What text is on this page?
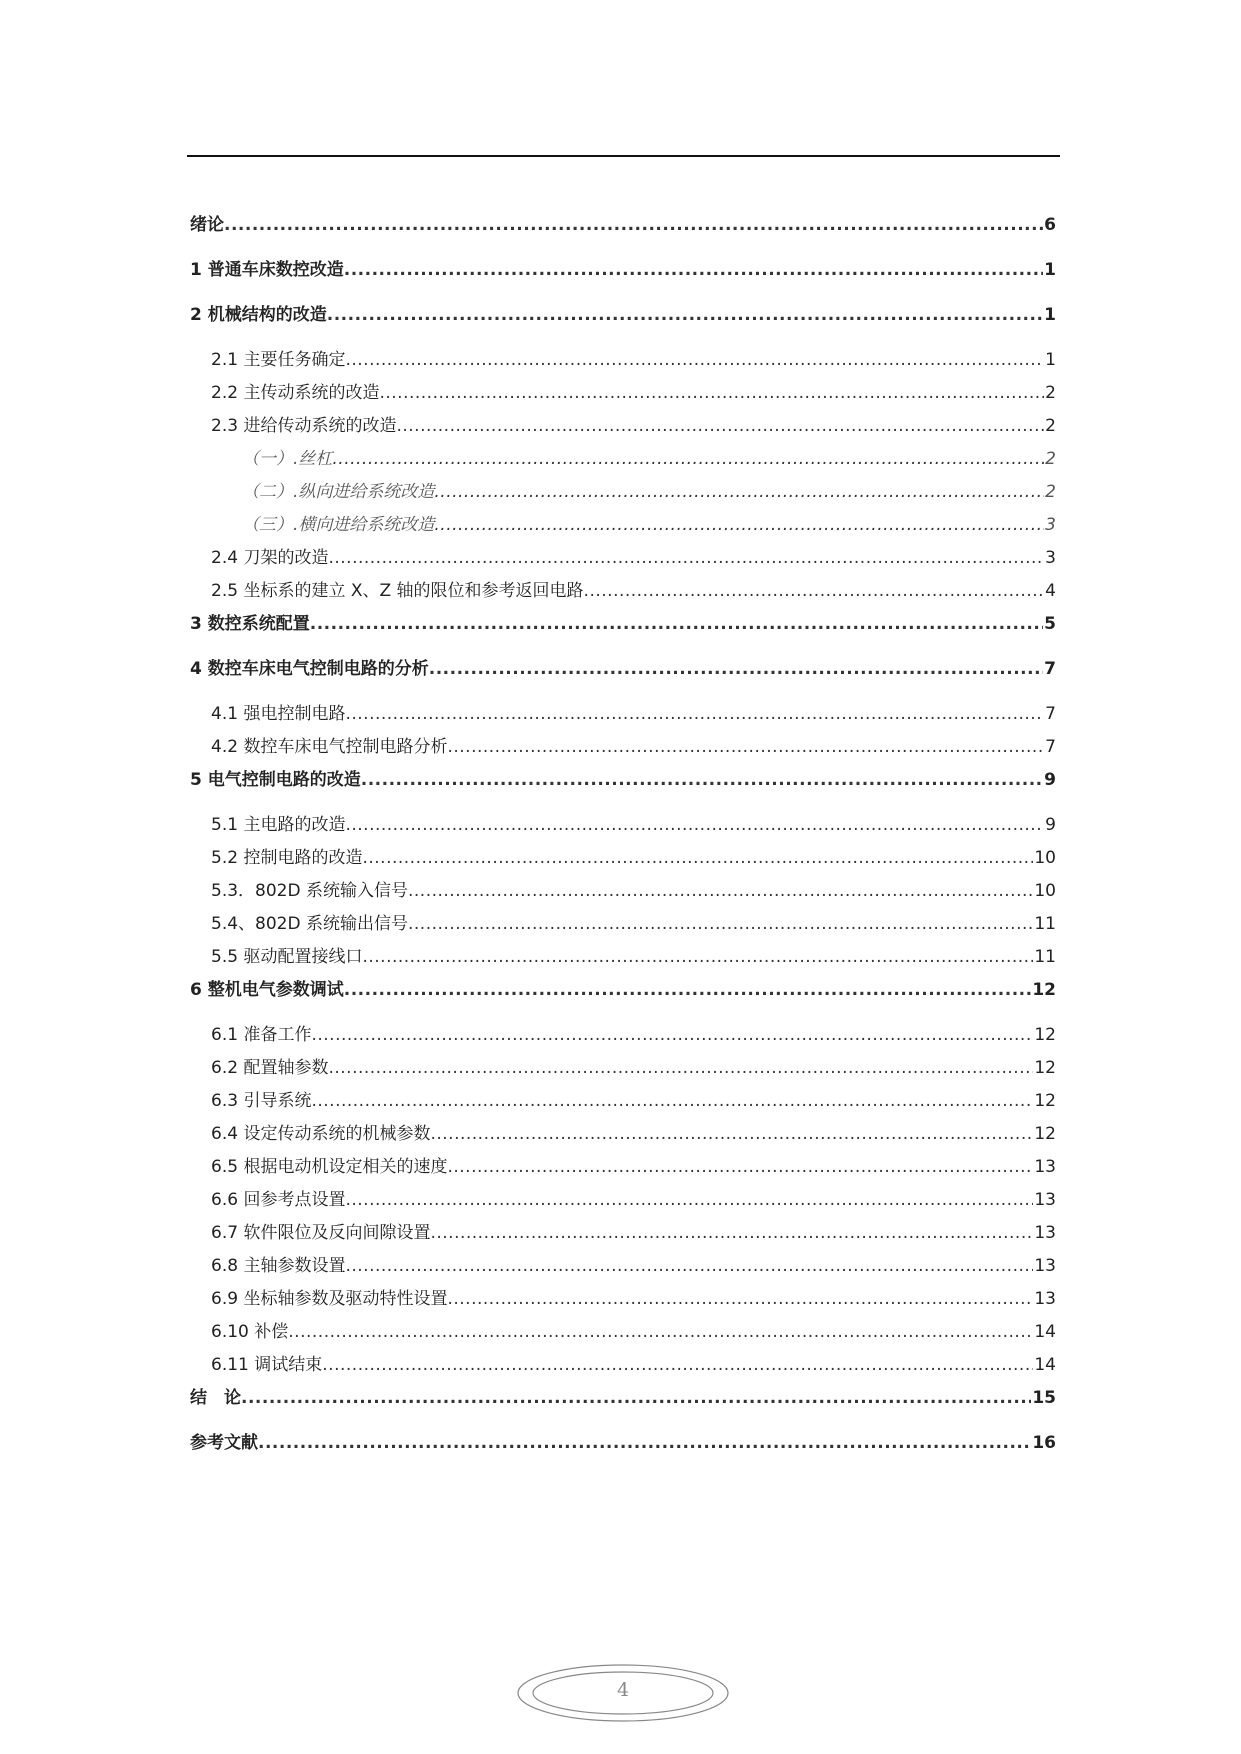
绪论 .....	6
1 普通车床数控改造 .....	1
2 机械结构的改造 .....	1
2.1 主要任务确定 .....	1
2.2 主传动系统的改造 .....	2
2.3 进给传动系统的改造 .....	2
（一）.丝杠 .....	2
（二）.纵向进给系统改造 .....	2
（三）.横向进给系统改造 .....	3
2.4 刀架的改造 .....	3
2.5 坐标系的建立 X、Z 轴的限位和参考返回电路 .....	4
3 数控系统配置 .....	5
4 数控车床电气控制电路的分析 .....	7
4.1 强电控制电路 .....	7
4.2 数控车床电气控制电路分析 .....	7
5 电气控制电路的改造 .....	9
5.1 主电路的改造 .....	9
5.2 控制电路的改造 .....	10
5.3．802D 系统输入信号 .....	10
5.4、802D 系统输出信号 .....	11
5.5 驱动配置接线口 .....	11
6 整机电气参数调试 .....	12
6.1 准备工作 .....	12
6.2 配置轴参数 .....	12
6.3 引导系统 .....	12
6.4 设定传动系统的机械参数 .....	12
6.5 根据电动机设定相关的速度 .....	13
6.6 回参考点设置 .....	13
6.7 软件限位及反向间隙设置 .....	13
6.8 主轴参数设置 .....	13
6.9 坐标轴参数及驱动特性设置 .....	13
6.10 补偿 .....	14
6.11 调试结束 .....	14
结　论 .....	15
参考文献 .....	16
4
